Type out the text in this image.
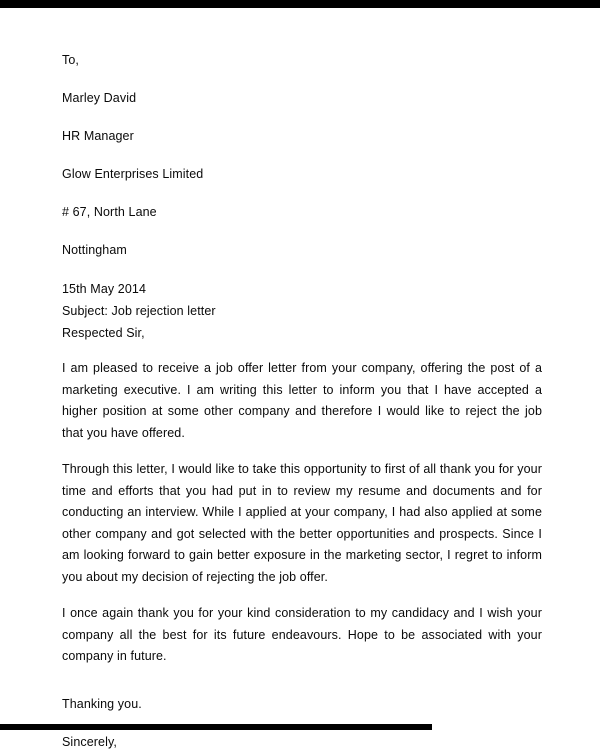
To,

Marley David

HR Manager

Glow Enterprises Limited

# 67, North Lane

Nottingham

15th May 2014

Subject: Job rejection letter

Respected Sir,

I am pleased to receive a job offer letter from your company, offering the post of a marketing executive. I am writing this letter to inform you that I have accepted a higher position at some other company and therefore I would like to reject the job that you have offered.

Through this letter, I would like to take this opportunity to first of all thank you for your time and efforts that you had put in to review my resume and documents and for conducting an interview. While I applied at your company, I had also applied at some other company and got selected with the better opportunities and prospects. Since I am looking forward to gain better exposure in the marketing sector, I regret to inform you about my decision of rejecting the job offer.

I once again thank you for your kind consideration to my candidacy and I wish your company all the best for its future endeavours. Hope to be associated with your company in future.

Thanking you.

Sincerely,
